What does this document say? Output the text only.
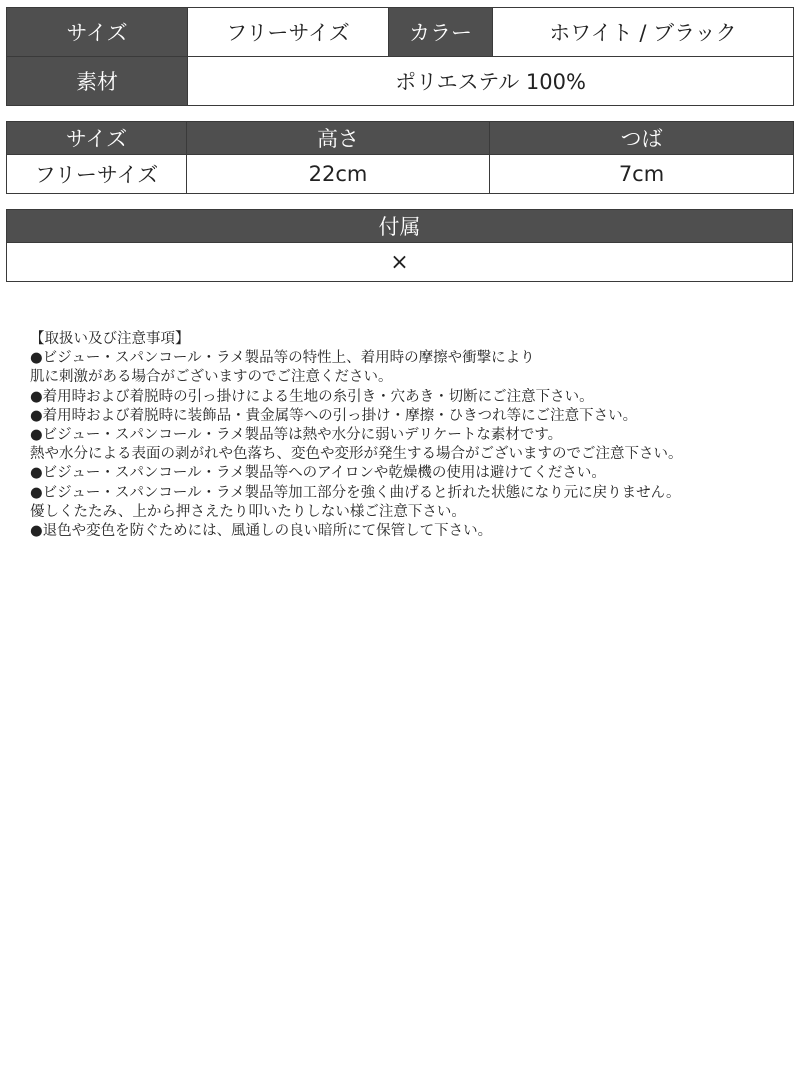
サイズ	フリーサイズ	カラー	ホワイト / ブラック
素材	ポリエステル 100%		
サイズ	高さ	つば
フリーサイズ	22cm	7cm
付属
×
【取扱い及び注意事項】
●ビジュー・スパンコール・ラメ製品等の特性上、着用時の摩擦や衝撃により
肌に刺激がある場合がございますのでご注意ください。
●着用時および着脱時の引っ掛けによる生地の糸引き・穴あき・切断にご注意下さい。
●着用時および着脱時に装飾品・貴金属等への引っ掛け・摩擦・ひきつれ等にご注意下さい。
●ビジュー・スパンコール・ラメ製品等は熱や水分に弱いデリケートな素材です。
熱や水分による表面の剥がれや色落ち、変色や変形が発生する場合がございますのでご注意下さい。
●ビジュー・スパンコール・ラメ製品等へのアイロンや乾燥機の使用は避けてください。
●ビジュー・スパンコール・ラメ製品等加工部分を強く曲げると折れた状態になり元に戻りません。
優しくたたみ、上から押さえたり叩いたりしない様ご注意下さい。
●退色や変色を防ぐためには、風通しの良い暗所にて保管して下さい。
